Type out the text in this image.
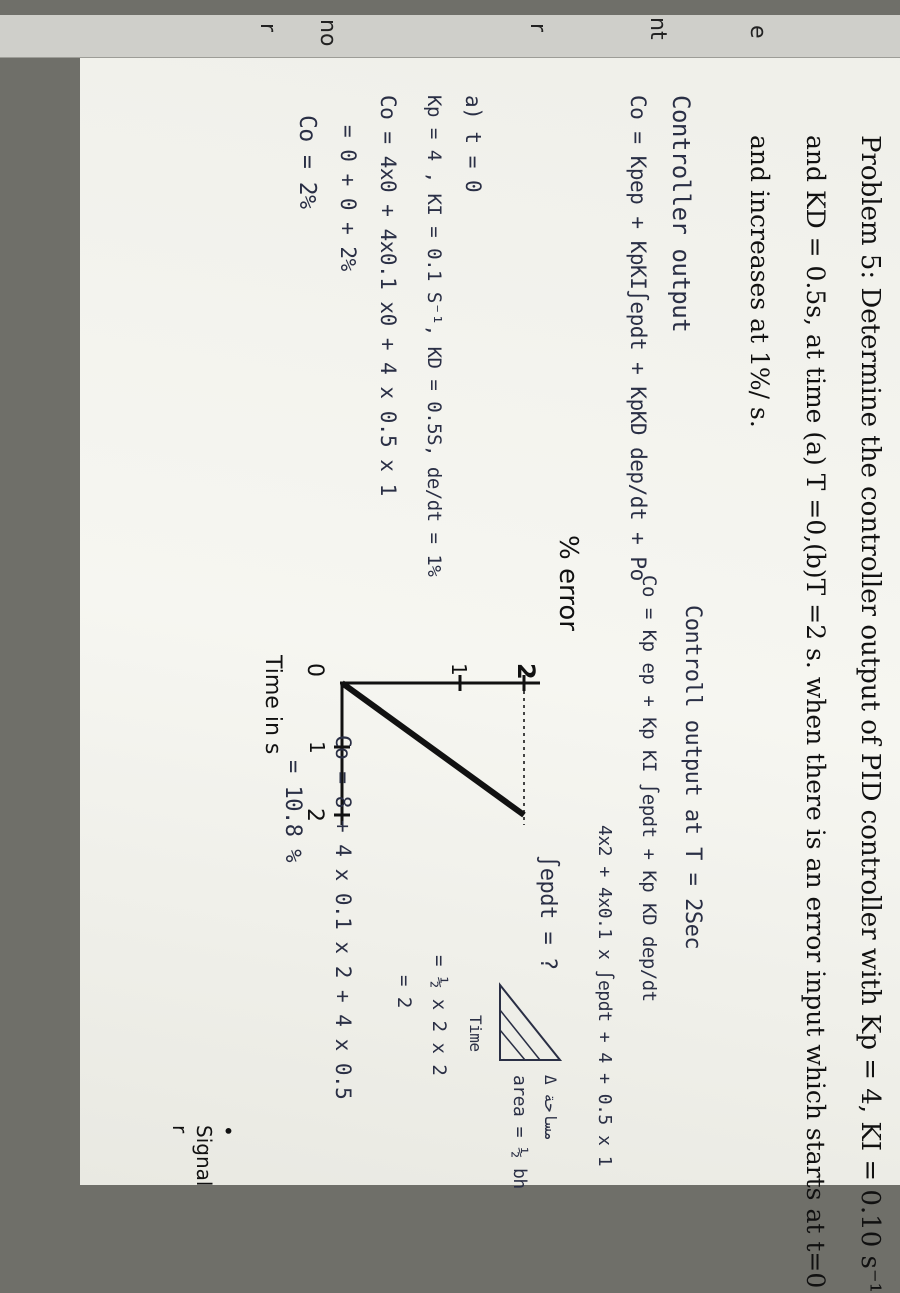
e
nt
r
no
r
Problem 5: Determine the controller output of PID controller with Kp = 4, KI = 0.10 s⁻¹
and KD = 0.5s, at time (a) T =0,(b)T =2 s. when there is an error input which starts at t=0
and increases at 1%/ s.
Controller output
Co = Kpep + KpKI∫epdt + KpKD dep/dt + Po
a) t = 0
Kp = 4 , KI = 0.1 S⁻¹, KD = 0.5S, de/dt = 1%
Co = 4x0 + 4x0.1 x0 + 4 x 0.5 x 1
= 0 + 0 + 2%
Co = 2%
% error
2
1
0
1
2
Time in s	Controll output at T = 2Sec
Co = Kp ep + Kp KI ∫epdt + Kp KD dep/dt
4x2 + 4x0.1 x ∫epdt + 4 + 0.5 x 1
∫epdt = ?
Δ مساحة
area = ½ bh
Time
= ½ x 2 x 2
= 2
Co = 8 + 4 x 0.1 x 2 + 4 x 0.5
= 10.8 %
• Signal r
